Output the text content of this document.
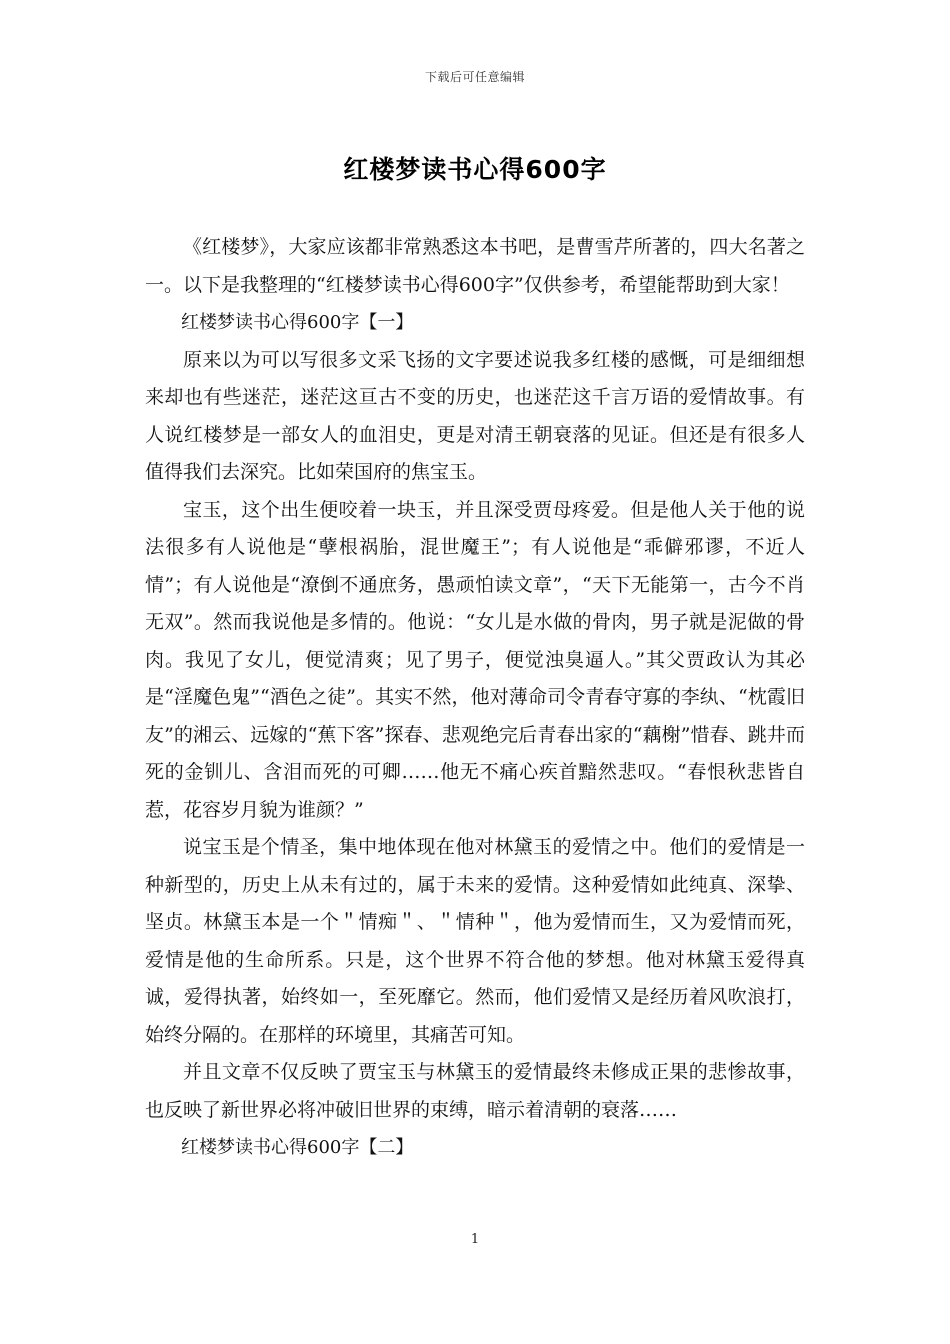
下载后可任意编辑
红楼梦读书心得600字

《红楼梦》，大家应该都非常熟悉这本书吧，是曹雪芹所著的，四大名著之一。以下是我整理的“红楼梦读书心得600字”仅供参考，希望能帮助到大家！

红楼梦读书心得600字【一】

原来以为可以写很多文采飞扬的文字要述说我多红楼的感慨，可是细细想来却也有些迷茫，迷茫这亘古不变的历史，也迷茫这千言万语的爱情故事。有人说红楼梦是一部女人的血泪史，更是对清王朝衰落的见证。但还是有很多人值得我们去深究。比如荣国府的焦宝玉。

宝玉，这个出生便咬着一块玉，并且深受贾母疼爱。但是他人关于他的说法很多有人说他是“孽根祸胎，混世魔王”；有人说他是“乖僻邪谬，不近人情”；有人说他是“潦倒不通庶务，愚顽怕读文章”，“天下无能第一，古今不肖无双”。然而我说他是多情的。他说：“女儿是水做的骨肉，男子就是泥做的骨肉。我见了女儿，便觉清爽；见了男子，便觉浊臭逼人。”其父贾政认为其必是“淫魔色鬼”“酒色之徒”。其实不然，他对薄命司令青春守寡的李纨、“枕霞旧友”的湘云、远嫁的“蕉下客”探春、悲观绝完后青春出家的“藕榭”惜春、跳井而死的金钏儿、含泪而死的可卿……他无不痛心疾首黯然悲叹。“春恨秋悲皆自惹，花容岁月貌为谁颜？”

说宝玉是个情圣，集中地体现在他对林黛玉的爱情之中。他们的爱情是一种新型的，历史上从未有过的，属于未来的爱情。这种爱情如此纯真、深挚、坚贞。林黛玉本是一个＂情痴＂、＂情种＂，他为爱情而生，又为爱情而死，爱情是他的生命所系。只是，这个世界不符合他的梦想。他对林黛玉爱得真诚，爱得执著，始终如一，至死靡它。然而，他们爱情又是经历着风吹浪打，始终分隔的。在那样的环境里，其痛苦可知。

并且文章不仅反映了贾宝玉与林黛玉的爱情最终未修成正果的悲惨故事，也反映了新世界必将冲破旧世界的束缚，暗示着清朝的衰落……

红楼梦读书心得600字【二】

1
